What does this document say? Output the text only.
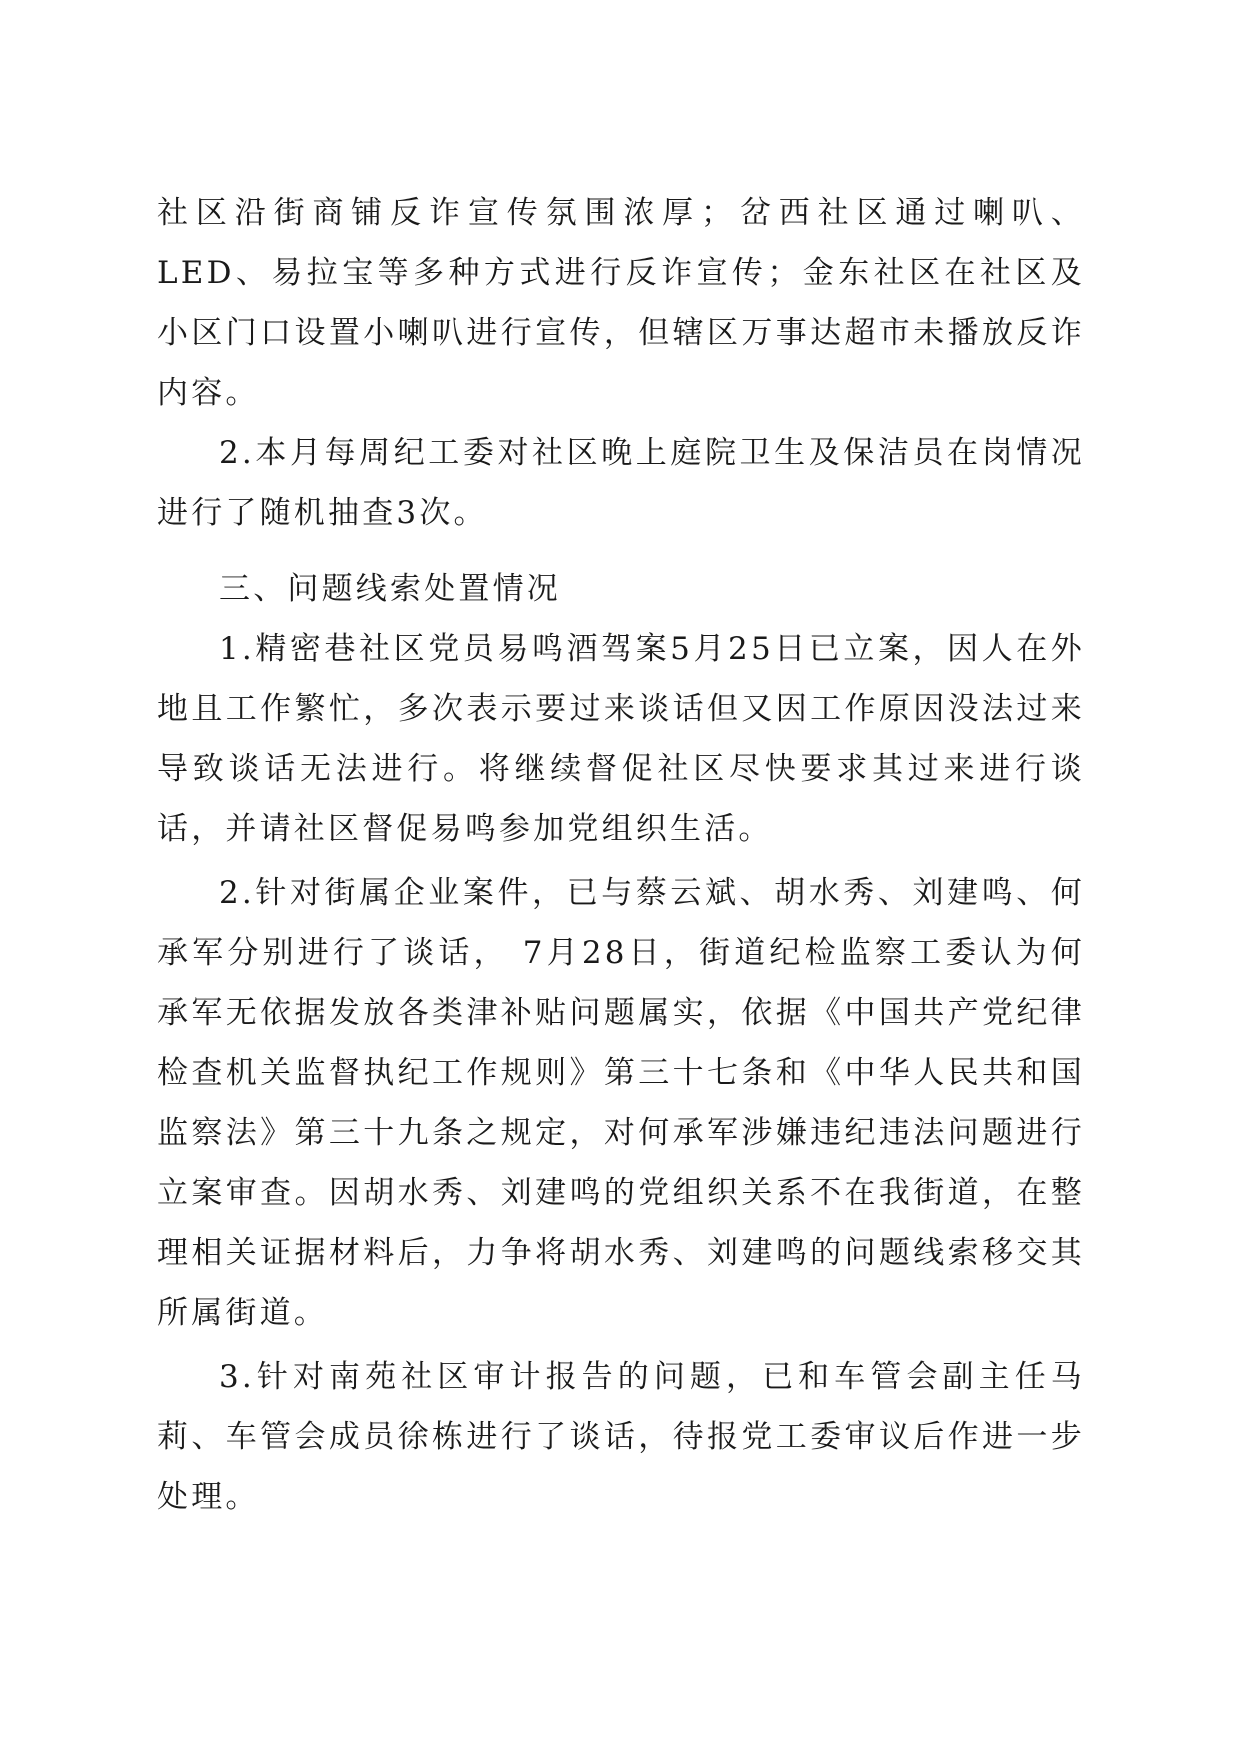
社区沿街商铺反诈宣传氛围浓厚；岔西社区通过喇叭、LED、易拉宝等多种方式进行反诈宣传；金东社区在社区及小区门口设置小喇叭进行宣传，但辖区万事达超市未播放反诈内容。

2.本月每周纪工委对社区晚上庭院卫生及保洁员在岗情况进行了随机抽查3次。

三、问题线索处置情况

1.精密巷社区党员易鸣酒驾案5月25日已立案，因人在外地且工作繁忙，多次表示要过来谈话但又因工作原因没法过来导致谈话无法进行。将继续督促社区尽快要求其过来进行谈话，并请社区督促易鸣参加党组织生活。

2.针对街属企业案件，已与蔡云斌、胡水秀、刘建鸣、何承军分别进行了谈话， 7月28日，街道纪检监察工委认为何承军无依据发放各类津补贴问题属实，依据《中国共产党纪律检查机关监督执纪工作规则》第三十七条和《中华人民共和国监察法》第三十九条之规定，对何承军涉嫌违纪违法问题进行立案审查。因胡水秀、刘建鸣的党组织关系不在我街道，在整理相关证据材料后，力争将胡水秀、刘建鸣的问题线索移交其所属街道。

3.针对南苑社区审计报告的问题，已和车管会副主任马莉、车管会成员徐栋进行了谈话，待报党工委审议后作进一步处理。
